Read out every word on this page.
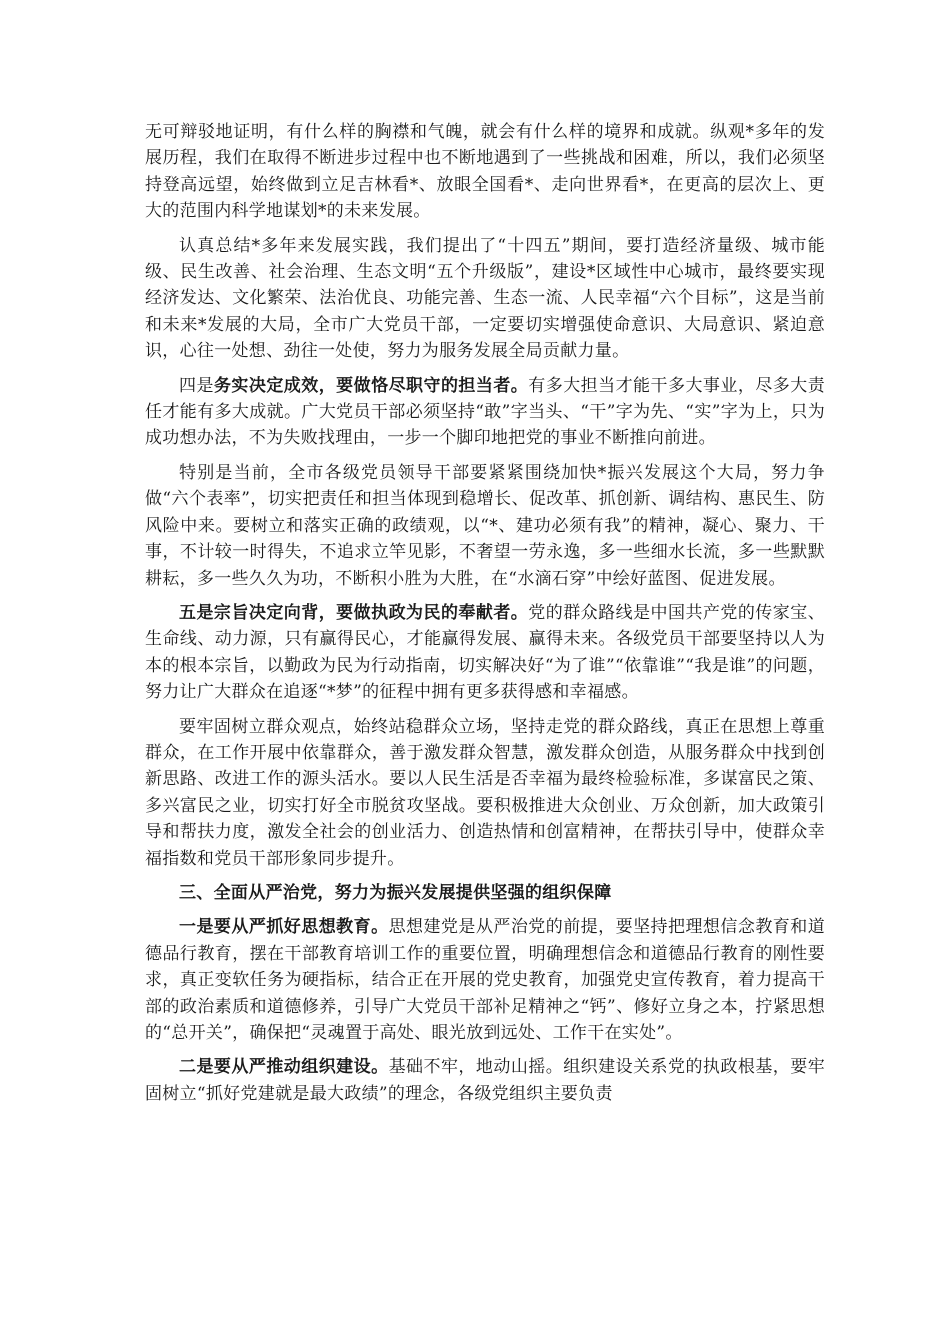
无可辩驳地证明，有什么样的胸襟和气魄，就会有什么样的境界和成就。纵观*多年的发展历程，我们在取得不断进步过程中也不断地遇到了一些挑战和困难，所以，我们必须坚持登高远望，始终做到立足吉林看*、放眼全国看*、走向世界看*，在更高的层次上、更大的范围内科学地谋划*的未来发展。

认真总结*多年来发展实践，我们提出了“十四五”期间，要打造经济量级、城市能级、民生改善、社会治理、生态文明“五个升级版”，建设*区域性中心城市，最终要实现经济发达、文化繁荣、法治优良、功能完善、生态一流、人民幸福“六个目标”，这是当前和未来*发展的大局，全市广大党员干部，一定要切实增强使命意识、大局意识、紧迫意识，心往一处想、劲往一处使，努力为服务发展全局贡献力量。

四是务实决定成效，要做恪尽职守的担当者。有多大担当才能干多大事业，尽多大责任才能有多大成就。广大党员干部必须坚持“敢”字当头、“干”字为先、“实”字为上，只为成功想办法，不为失败找理由，一步一个脚印地把党的事业不断推向前进。

特别是当前，全市各级党员领导干部要紧紧围绕加快*振兴发展这个大局，努力争做“六个表率”，切实把责任和担当体现到稳增长、促改革、抓创新、调结构、惠民生、防风险中来。要树立和落实正确的政绩观，以“*、建功必须有我”的精神，凝心、聚力、干事，不计较一时得失，不追求立竿见影，不奢望一劳永逸，多一些细水长流，多一些默默耕耘，多一些久久为功，不断积小胜为大胜，在“水滴石穿”中绘好蓝图、促进发展。

五是宗旨决定向背，要做执政为民的奉献者。党的群众路线是中国共产党的传家宝、生命线、动力源，只有赢得民心，才能赢得发展、赢得未来。各级党员干部要坚持以人为本的根本宗旨，以勤政为民为行动指南，切实解决好“为了谁”“依靠谁”“我是谁”的问题，努力让广大群众在追逐“*梦”的征程中拥有更多获得感和幸福感。

要牢固树立群众观点，始终站稳群众立场，坚持走党的群众路线，真正在思想上尊重群众，在工作开展中依靠群众，善于激发群众智慧，激发群众创造，从服务群众中找到创新思路、改进工作的源头活水。要以人民生活是否幸福为最终检验标准，多谋富民之策、多兴富民之业，切实打好全市脱贫攻坚战。要积极推进大众创业、万众创新，加大政策引导和帮扶力度，激发全社会的创业活力、创造热情和创富精神，在帮扶引导中，使群众幸福指数和党员干部形象同步提升。

三、全面从严治党，努力为振兴发展提供坚强的组织保障

一是要从严抓好思想教育。思想建党是从严治党的前提，要坚持把理想信念教育和道德品行教育，摆在干部教育培训工作的重要位置，明确理想信念和道德品行教育的刚性要求，真正变软任务为硬指标，结合正在开展的党史教育，加强党史宣传教育，着力提高干部的政治素质和道德修养，引导广大党员干部补足精神之“钙”、修好立身之本，拧紧思想的“总开关”，确保把“灵魂置于高处、眼光放到远处、工作干在实处”。

二是要从严推动组织建设。基础不牢，地动山摇。组织建设关系党的执政根基，要牢固树立“抓好党建就是最大政绩”的理念，各级党组织主要负责
